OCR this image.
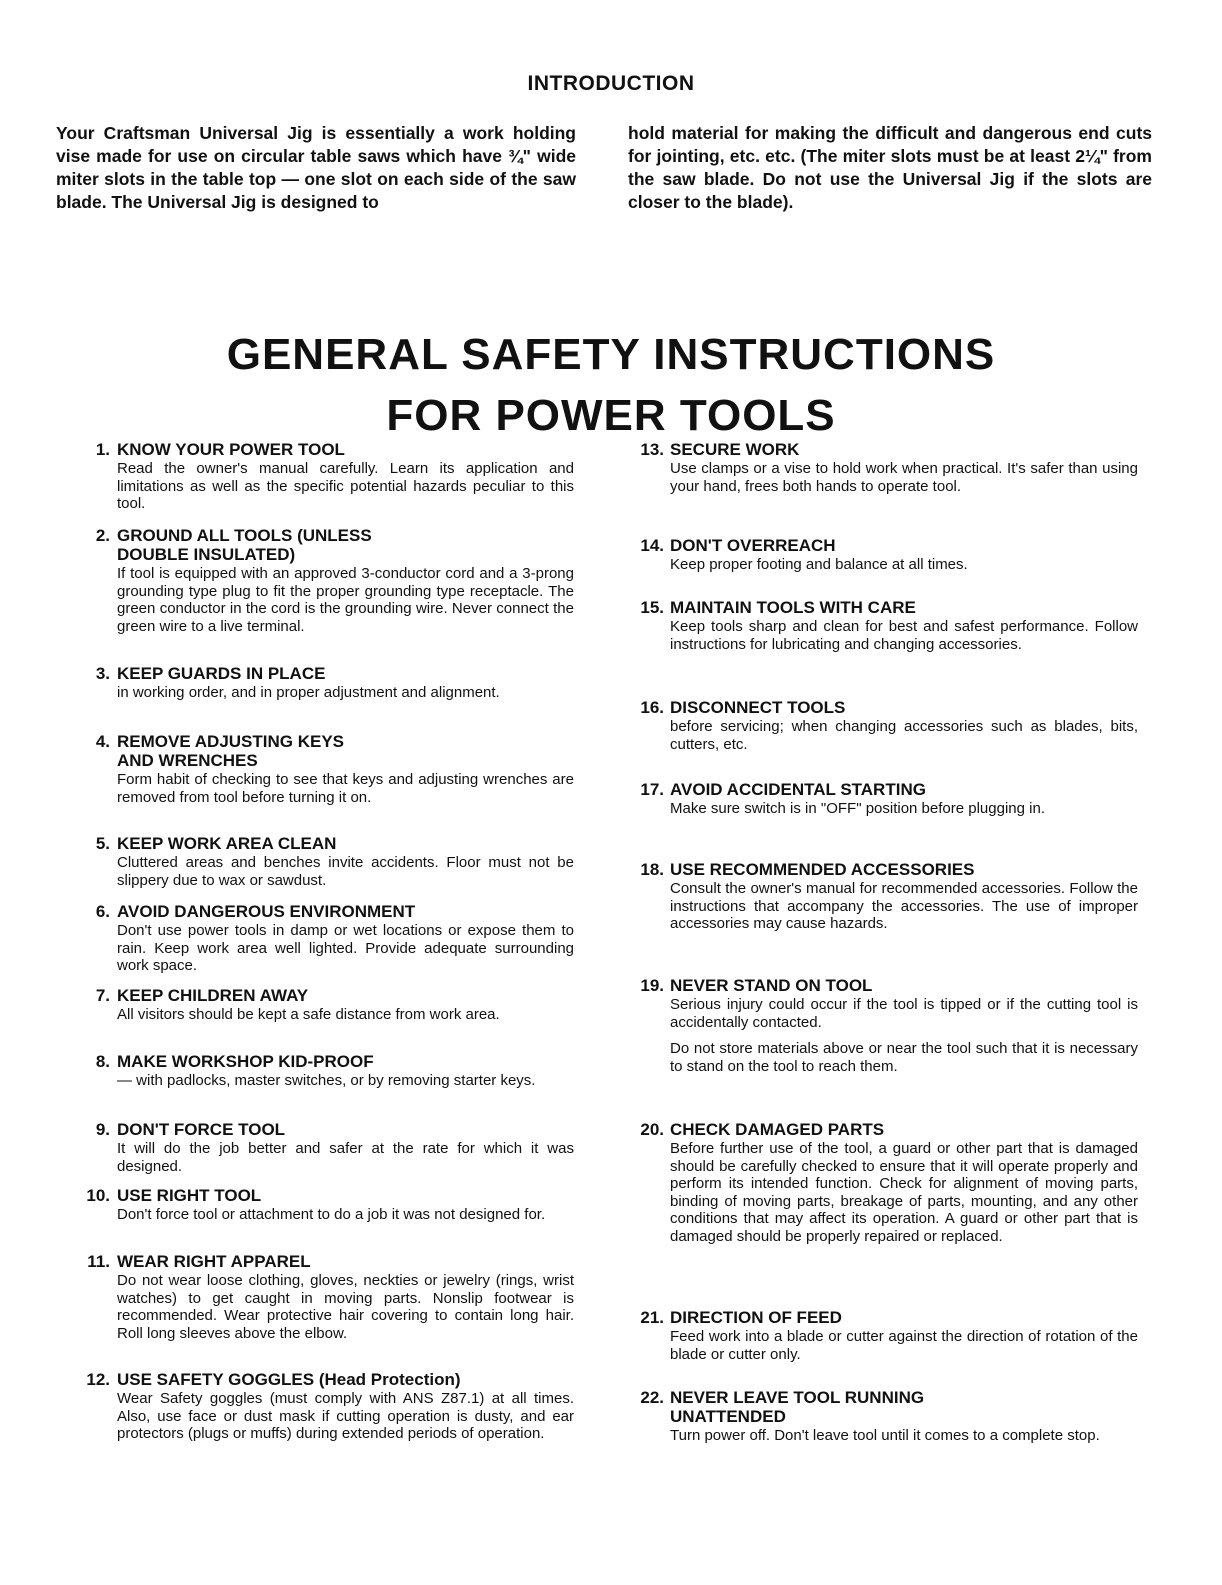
INTRODUCTION
Your Craftsman Universal Jig is essentially a work holding vise made for use on circular table saws which have ¾" wide miter slots in the table top — one slot on each side of the saw blade. The Universal Jig is designed to
hold material for making the difficult and dangerous end cuts for jointing, etc. etc. (The miter slots must be at least 2¼" from the saw blade. Do not use the Universal Jig if the slots are closer to the blade).
GENERAL SAFETY INSTRUCTIONS
FOR POWER TOOLS
1. KNOW YOUR POWER TOOL
Read the owner's manual carefully. Learn its application and limitations as well as the specific potential hazards peculiar to this tool.
2. GROUND ALL TOOLS (UNLESS DOUBLE INSULATED)
If tool is equipped with an approved 3-conductor cord and a 3-prong grounding type plug to fit the proper grounding type receptacle. The green conductor in the cord is the grounding wire. Never connect the green wire to a live terminal.
3. KEEP GUARDS IN PLACE
in working order, and in proper adjustment and alignment.
4. REMOVE ADJUSTING KEYS AND WRENCHES
Form habit of checking to see that keys and adjusting wrenches are removed from tool before turning it on.
5. KEEP WORK AREA CLEAN
Cluttered areas and benches invite accidents. Floor must not be slippery due to wax or sawdust.
6. AVOID DANGEROUS ENVIRONMENT
Don't use power tools in damp or wet locations or expose them to rain. Keep work area well lighted. Provide adequate surrounding work space.
7. KEEP CHILDREN AWAY
All visitors should be kept a safe distance from work area.
8. MAKE WORKSHOP KID-PROOF
— with padlocks, master switches, or by removing starter keys.
9. DON'T FORCE TOOL
It will do the job better and safer at the rate for which it was designed.
10. USE RIGHT TOOL
Don't force tool or attachment to do a job it was not designed for.
11. WEAR RIGHT APPAREL
Do not wear loose clothing, gloves, neckties or jewelry (rings, wrist watches) to get caught in moving parts. Nonslip footwear is recommended. Wear protective hair covering to contain long hair. Roll long sleeves above the elbow.
12. USE SAFETY GOGGLES (Head Protection)
Wear Safety goggles (must comply with ANS Z87.1) at all times. Also, use face or dust mask if cutting operation is dusty, and ear protectors (plugs or muffs) during extended periods of operation.
13. SECURE WORK
Use clamps or a vise to hold work when practical. It's safer than using your hand, frees both hands to operate tool.
14. DON'T OVERREACH
Keep proper footing and balance at all times.
15. MAINTAIN TOOLS WITH CARE
Keep tools sharp and clean for best and safest performance. Follow instructions for lubricating and changing accessories.
16. DISCONNECT TOOLS
before servicing; when changing accessories such as blades, bits, cutters, etc.
17. AVOID ACCIDENTAL STARTING
Make sure switch is in "OFF" position before plugging in.
18. USE RECOMMENDED ACCESSORIES
Consult the owner's manual for recommended accessories. Follow the instructions that accompany the accessories. The use of improper accessories may cause hazards.
19. NEVER STAND ON TOOL
Serious injury could occur if the tool is tipped or if the cutting tool is accidentally contacted.
Do not store materials above or near the tool such that it is necessary to stand on the tool to reach them.
20. CHECK DAMAGED PARTS
Before further use of the tool, a guard or other part that is damaged should be carefully checked to ensure that it will operate properly and perform its intended function. Check for alignment of moving parts, binding of moving parts, breakage of parts, mounting, and any other conditions that may affect its operation. A guard or other part that is damaged should be properly repaired or replaced.
21. DIRECTION OF FEED
Feed work into a blade or cutter against the direction of rotation of the blade or cutter only.
22. NEVER LEAVE TOOL RUNNING UNATTENDED
Turn power off. Don't leave tool until it comes to a complete stop.
